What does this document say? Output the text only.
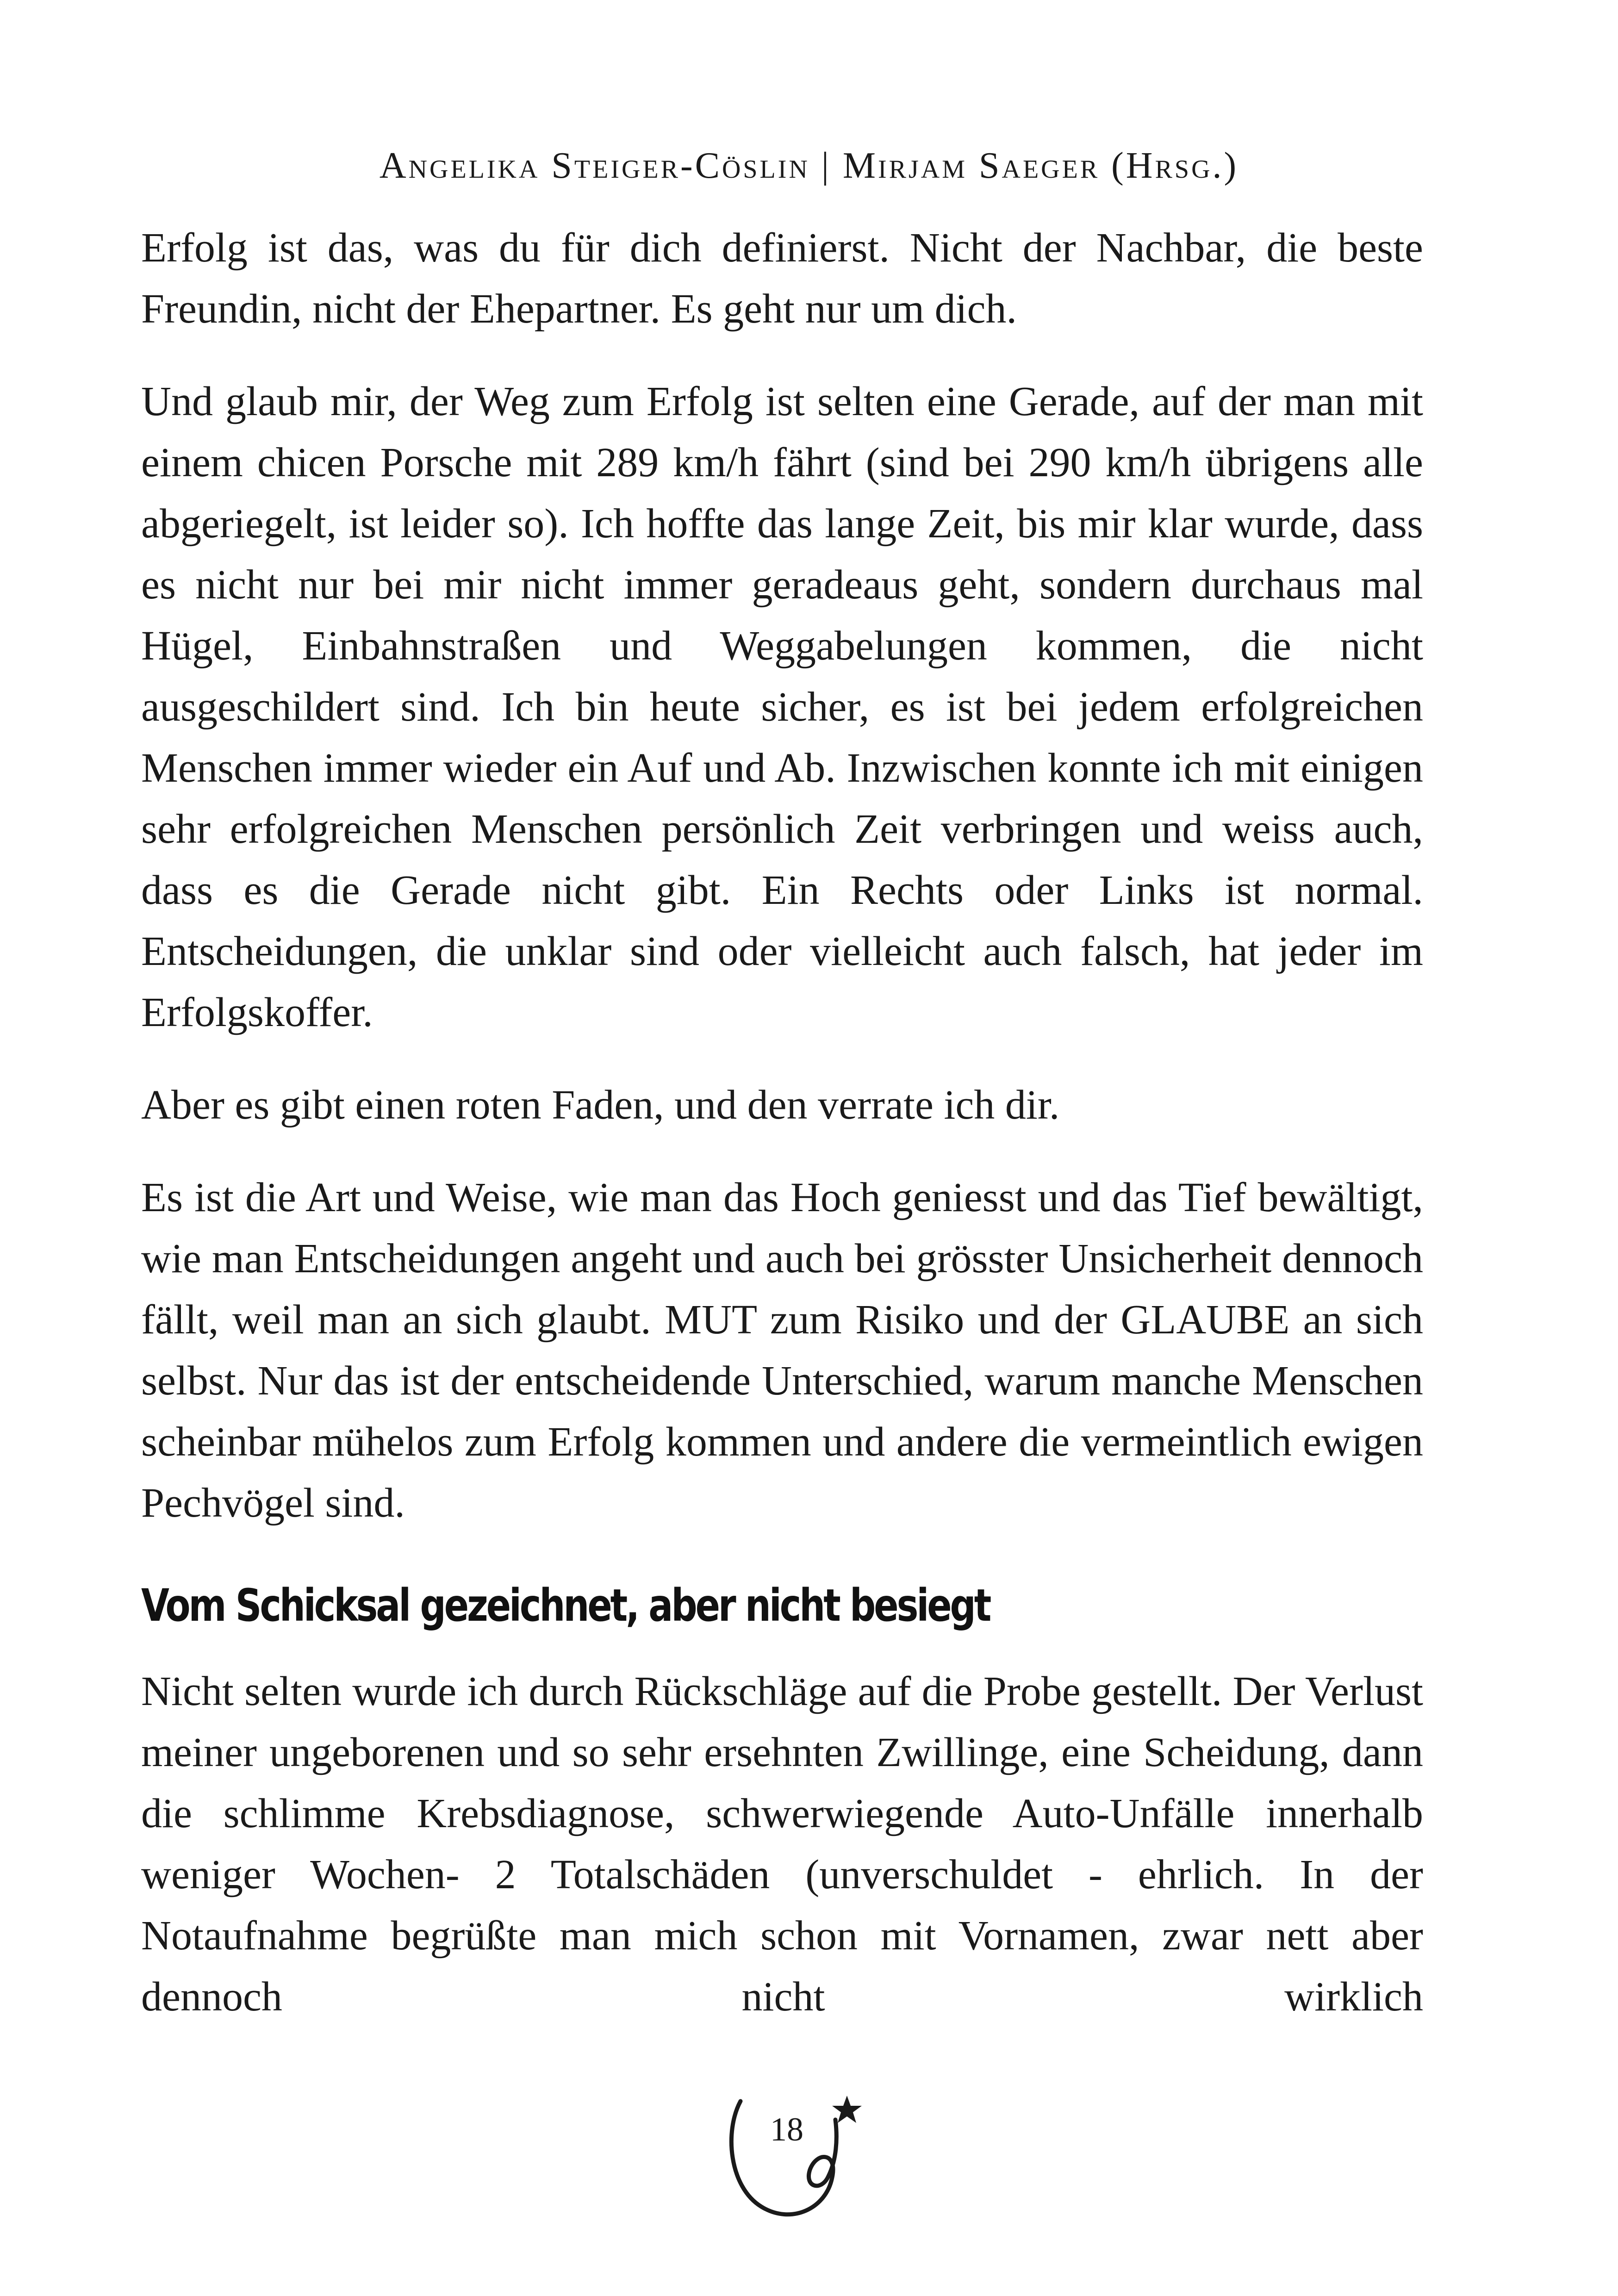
Angelika Steiger-Cöslin | Mirjam Saeger (Hrsg.)

Erfolg ist das, was du für dich definierst. Nicht der Nachbar, die beste Freundin, nicht der Ehepartner. Es geht nur um dich.

Und glaub mir, der Weg zum Erfolg ist selten eine Gerade, auf der man mit einem chicen Porsche mit 289 km/h fährt (sind bei 290 km/h übrigens alle abgeriegelt, ist leider so). Ich hoffte das lange Zeit, bis mir klar wurde, dass es nicht nur bei mir nicht immer geradeaus geht, sondern durchaus mal Hügel, Einbahnstraßen und Weggabelungen kommen, die nicht ausgeschildert sind. Ich bin heute sicher, es ist bei jedem erfolgreichen Menschen immer wieder ein Auf und Ab. Inzwischen konnte ich mit einigen sehr erfolgreichen Menschen persönlich Zeit verbringen und weiss auch, dass es die Gerade nicht gibt. Ein Rechts oder Links ist normal. Entscheidungen, die unklar sind oder vielleicht auch falsch, hat jeder im Erfolgskoffer.

Aber es gibt einen roten Faden, und den verrate ich dir.

Es ist die Art und Weise, wie man das Hoch geniesst und das Tief bewältigt, wie man Entscheidungen angeht und auch bei grösster Unsicherheit dennoch fällt, weil man an sich glaubt. MUT zum Risiko und der GLAUBE an sich selbst. Nur das ist der entscheidende Unterschied, warum manche Menschen scheinbar mühelos zum Erfolg kommen und andere die vermeintlich ewigen Pechvögel sind.

Vom Schicksal gezeichnet, aber nicht besiegt

Nicht selten wurde ich durch Rückschläge auf die Probe gestellt. Der Verlust meiner ungeborenen und so sehr ersehnten Zwillinge, eine Scheidung, dann die schlimme Krebsdiagnose, schwerwiegende Auto-Unfälle innerhalb weniger Wochen- 2 Totalschäden (unverschuldet - ehrlich. In der Notaufnahme begrüßte man mich schon mit Vornamen, zwar nett aber dennoch nicht wirklich

18
